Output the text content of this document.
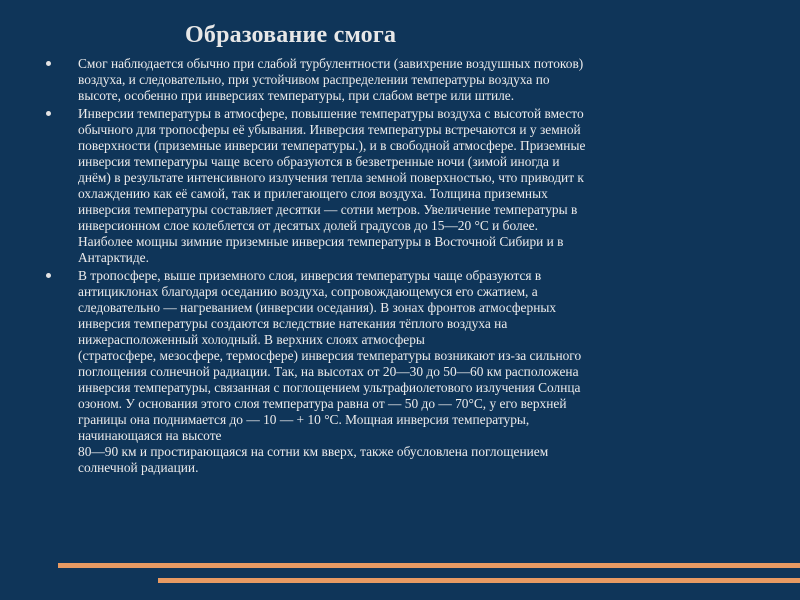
Образование смога
Смог наблюдается обычно при слабой турбулентности (завихрение воздушных потоков)
воздуха, и следовательно, при устойчивом распределении температуры воздуха по
высоте, особенно при инверсиях температуры, при слабом ветре или штиле.
Инверсии температуры в атмосфере, повышение температуры воздуха с высотой вместо
обычного для тропосферы её убывания. Инверсия температуры встречаются и у земной
поверхности (приземные инверсии температуры.), и в свободной атмосфере. Приземные
инверсия температуры чаще всего образуются в безветренные ночи (зимой иногда и
днём) в результате интенсивного излучения тепла земной поверхностью, что приводит к
охлаждению как её самой, так и прилегающего слоя воздуха. Толщина приземных
инверсия температуры составляет десятки — сотни метров. Увеличение температуры в
инверсионном слое колеблется от десятых долей градусов до 15—20 °С и более.
Наиболее мощны зимние приземные инверсия температуры в Восточной Сибири и в
Антарктиде.
В тропосфере, выше приземного слоя, инверсия температуры чаще образуются в
антициклонах благодаря оседанию воздуха, сопровождающемуся его сжатием, а
следовательно — нагреванием (инверсии оседания). В зонах фронтов атмосферных
инверсия температуры создаются вследствие натекания тёплого воздуха на
нижерасположенный холодный. В верхних слоях атмосферы
(стратосфере, мезосфере, термосфере) инверсия температуры возникают из-за сильного
поглощения солнечной радиации. Так, на высотах от 20—30 до 50—60 км расположена
инверсия температуры, связанная с поглощением ультрафиолетового излучения Солнца
озоном. У основания этого слоя температура равна от — 50 до — 70°С, у его верхней
границы она поднимается до — 10 — + 10 °С. Мощная инверсия температуры,
начинающаяся на высоте
80—90 км и простирающаяся на сотни км вверх, также обусловлена поглощением
солнечной радиации.
